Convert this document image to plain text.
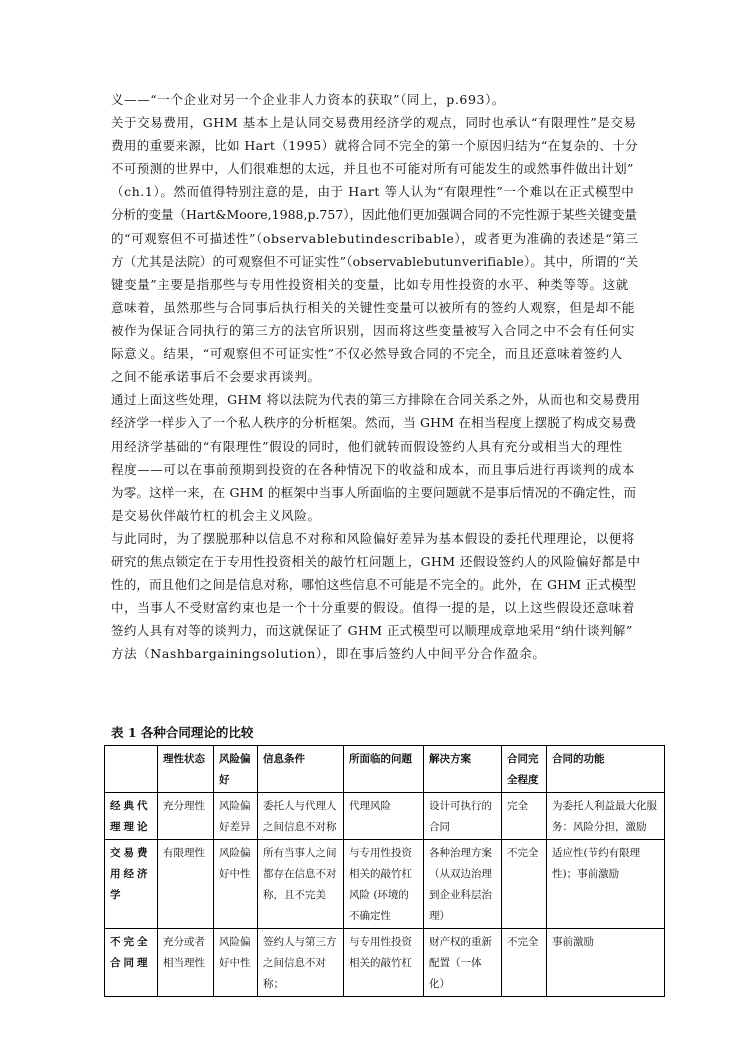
义——“一个企业对另一个企业非人力资本的获取”（同上，p.693）。
关于交易费用，GHM 基本上是认同交易费用经济学的观点，同时也承认“有限理性”是交易
费用的重要来源，比如 Hart（1995）就将合同不完全的第一个原因归结为“在复杂的、十分
不可预测的世界中，人们很难想的太远，并且也不可能对所有可能发生的或然事件做出计划”
（ch.1）。然而值得特别注意的是，由于 Hart 等人认为“有限理性”一个难以在正式模型中
分析的变量（Hart&Moore,1988,p.757），因此他们更加强调合同的不完性源于某些关键变量
的“可观察但不可描述性”（observablebutindescribable），或者更为准确的表述是“第三
方（尤其是法院）的可观察但不可证实性”（observablebutunverifiable）。其中，所谓的“关
键变量”主要是指那些与专用性投资相关的变量，比如专用性投资的水平、种类等等。这就
意味着，虽然那些与合同事后执行相关的关键性变量可以被所有的签约人观察，但是却不能
被作为保证合同执行的第三方的法官所识别，因而将这些变量被写入合同之中不会有任何实
际意义。结果，“可观察但不可证实性”不仅必然导致合同的不完全，而且还意味着签约人
之间不能承诺事后不会要求再谈判。
通过上面这些处理，GHM 将以法院为代表的第三方排除在合同关系之外，从而也和交易费用
经济学一样步入了一个私人秩序的分析框架。然而，当 GHM 在相当程度上摆脱了构成交易费
用经济学基础的“有限理性”假设的同时，他们就转而假设签约人具有充分或相当大的理性
程度——可以在事前预期到投资的在各种情况下的收益和成本，而且事后进行再谈判的成本
为零。这样一来，在 GHM 的框架中当事人所面临的主要问题就不是事后情况的不确定性，而
是交易伙伴敲竹杠的机会主义风险。
与此同时，为了摆脱那种以信息不对称和风险偏好差异为基本假设的委托代理理论，以便将
研究的焦点锁定在于专用性投资相关的敲竹杠问题上，GHM 还假设签约人的风险偏好都是中
性的，而且他们之间是信息对称，哪怕这些信息不可能是不完全的。此外，在 GHM 正式模型
中，当事人不受财富约束也是一个十分重要的假设。值得一提的是，以上这些假设还意味着
签约人具有对等的谈判力，而这就保证了 GHM 正式模型可以顺理成章地采用“纳什谈判解”
方法（Nashbargainingsolution），即在事后签约人中间平分合作盈余。
表 1 各种合同理论的比较
	理性状态	风险偏好	信息条件	所面临的问题	解决方案	合同完全程度	合同的功能
经典代理理论	充分理性	风险偏好差异	委托人与代理人之间信息不对称	代理风险	设计可执行的合同	完全	为委托人利益最大化服务：风险分担，激励
交易费用经济学	有限理性	风险偏好中性	所有当事人之间都存在信息不对称，且不完美	与专用性投资相关的敲竹杠风险 (环境的不确定性	各种治理方案（从双边治理到企业科层治理）	不完全	适应性(节约有限理性)；事前激励
不完全合同理	充分或者相当理性	风险偏好中性	签约人与第三方之间信息不对称；	与专用性投资相关的敲竹杠	财产权的重新配置（一体化）	不完全	事前激励
